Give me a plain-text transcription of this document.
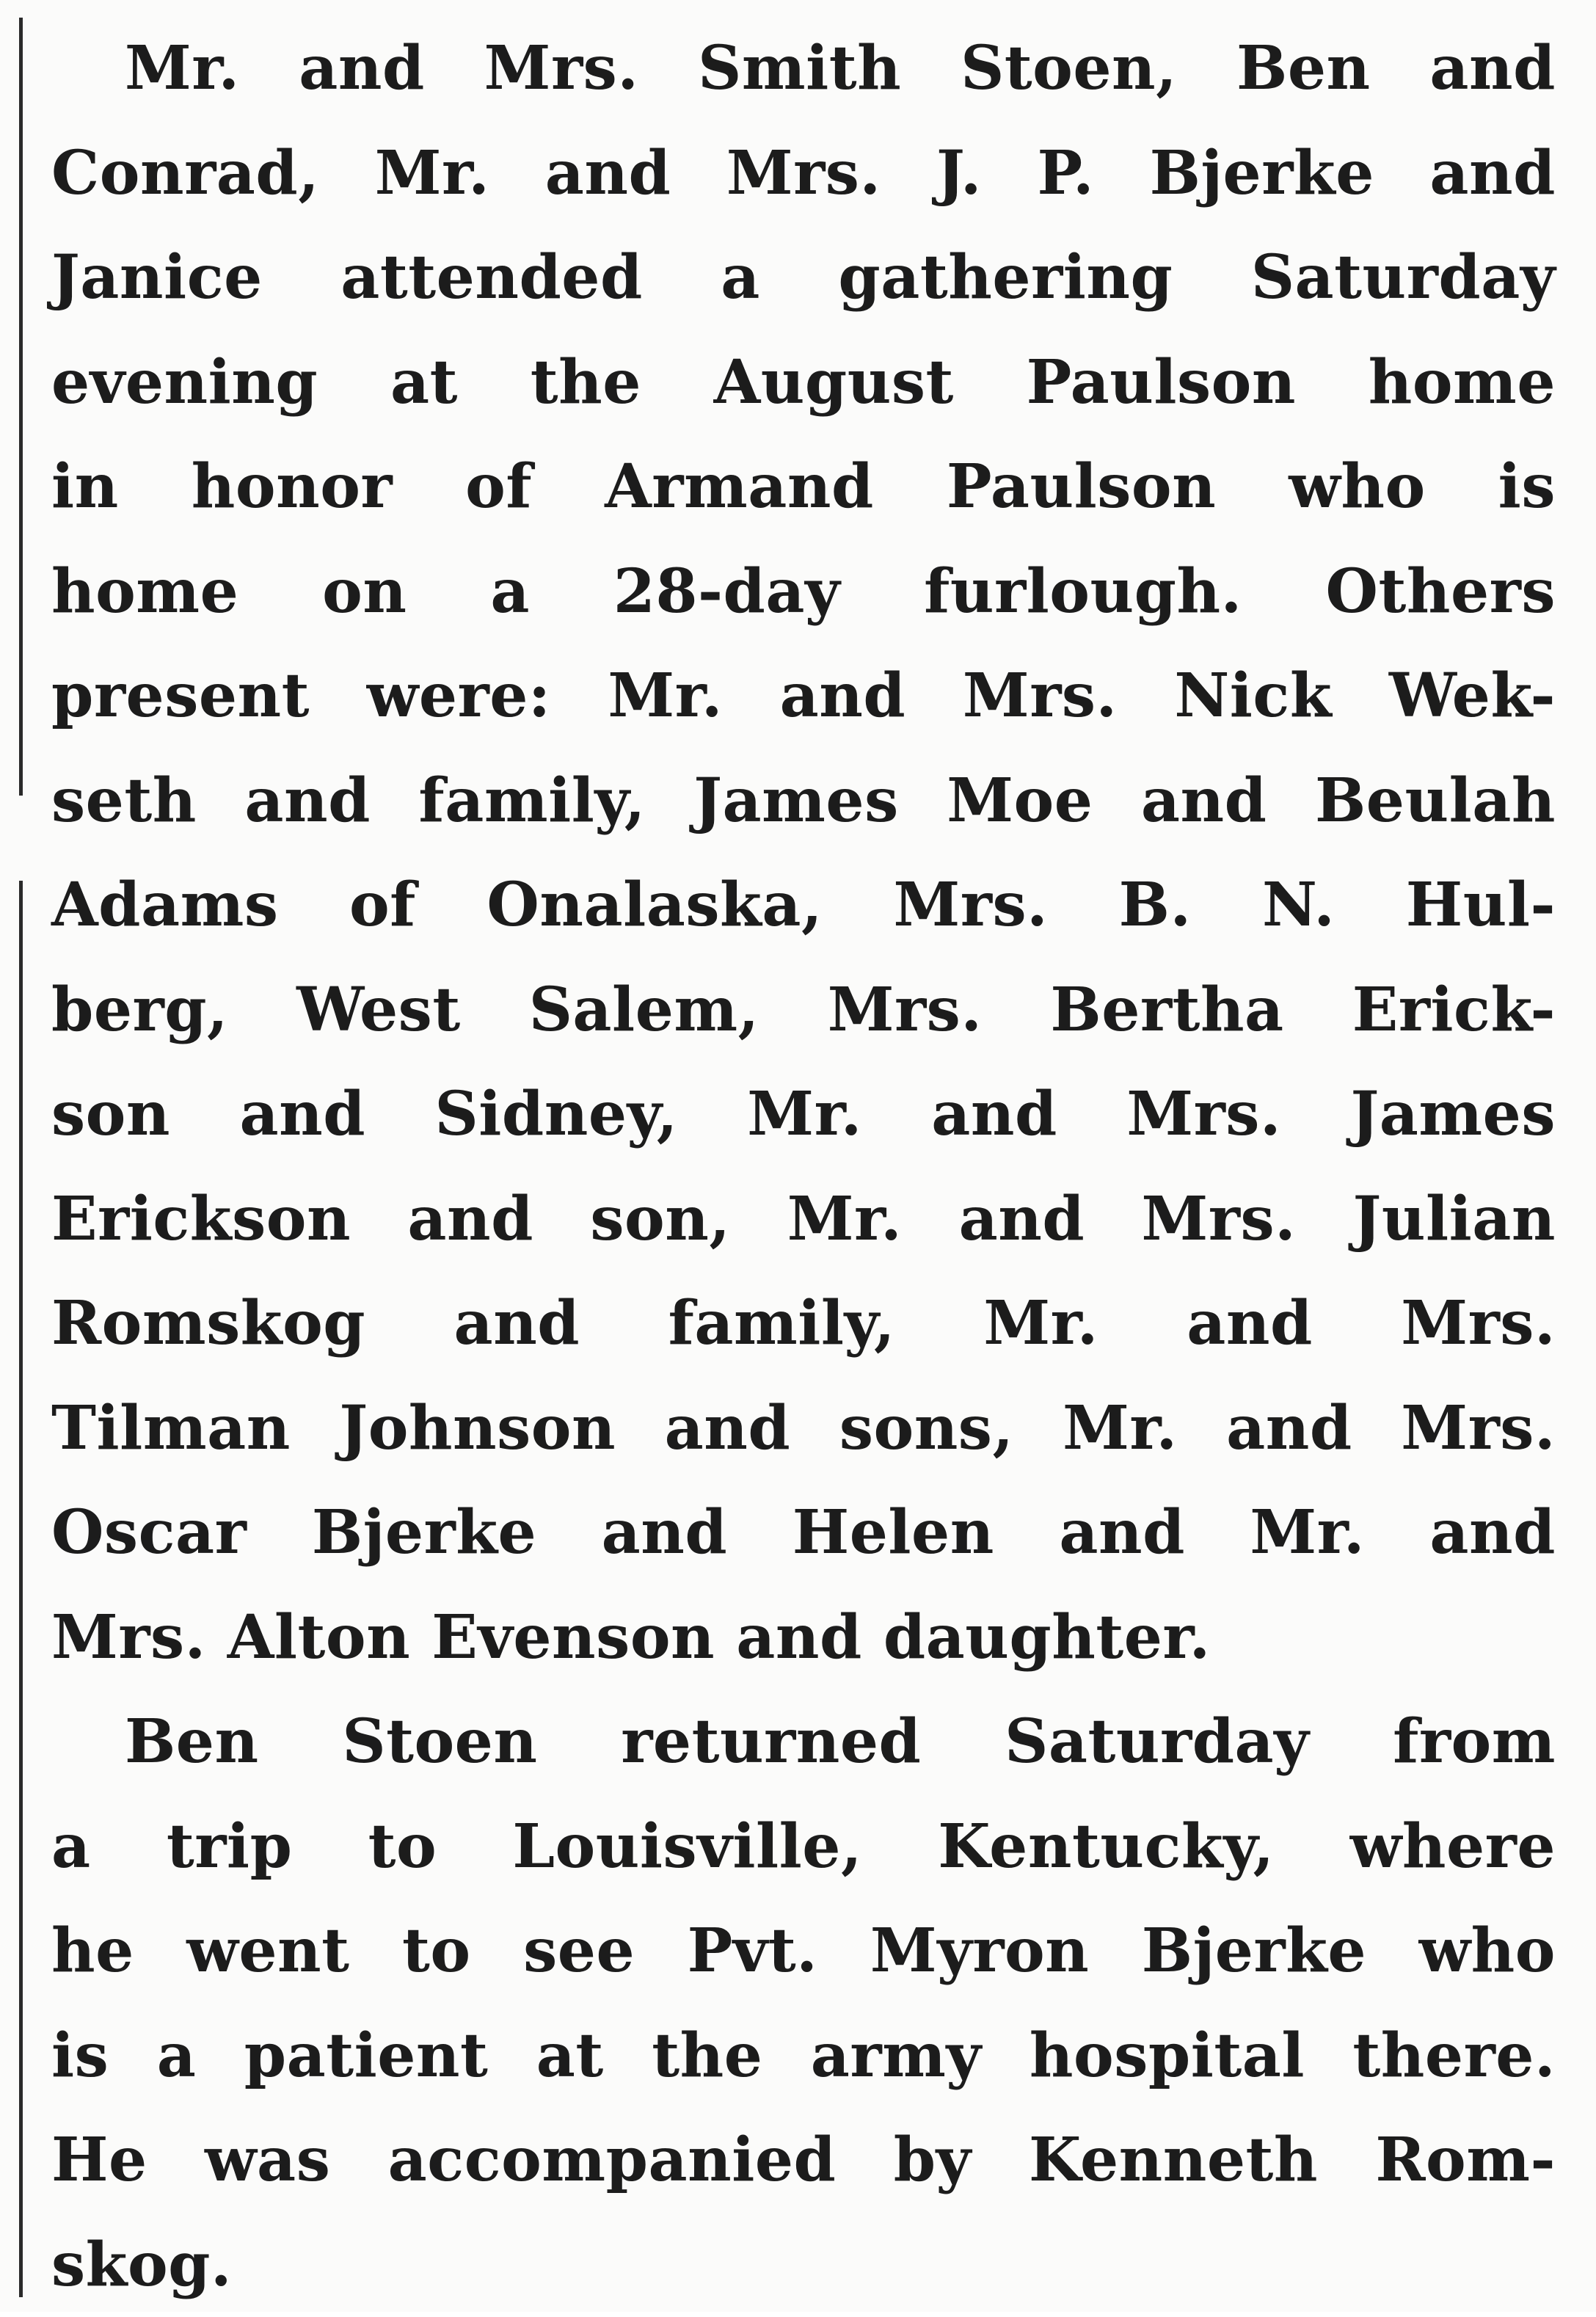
Mr. and Mrs. Smith Stoen, Ben and
Conrad, Mr. and Mrs. J. P. Bjerke and
Janice attended a gathering Saturday
evening at the August Paulson home
in honor of Armand Paulson who is
home on a 28-day furlough. Others
present were: Mr. and Mrs. Nick Wek-
seth and family, James Moe and Beulah
Adams of Onalaska, Mrs. B. N. Hul-
berg, West Salem, Mrs. Bertha Erick-
son and Sidney, Mr. and Mrs. James
Erickson and son, Mr. and Mrs. Julian
Romskog and family, Mr. and Mrs.
Tilman Johnson and sons, Mr. and Mrs.
Oscar Bjerke and Helen and Mr. and
Mrs. Alton Evenson and daughter.
Ben Stoen returned Saturday from
a trip to Louisville, Kentucky, where
he went to see Pvt. Myron Bjerke who
is a patient at the army hospital there.
He was accompanied by Kenneth Rom-
skog.
